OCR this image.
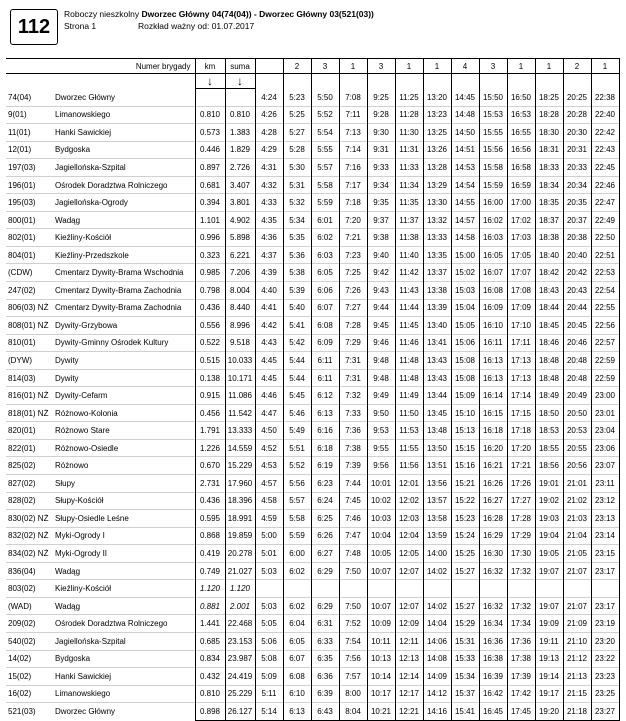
112
Roboczy nieszkolny Dworzec Główny 04(74(04)) - Dworzec Główny 03(521(03))
Strona 1	Rozkład ważny od: 01.07.2017
Numer brygady		km	suma		2	3	1	3	1	1	4	3	1	1	2	1
		↓	↓													
74(04)	Dworzec Główny			4:24	5:23	5:50	7:08	9:25	11:25	13:20	14:45	15:50	16:50	18:25	20:25	22:38
9(01)	Limanowskiego	0.810	0.810	4:26	5:25	5:52	7:11	9:28	11:28	13:23	14:48	15:53	16:53	18:28	20:28	22:40
11(01)	Hanki Sawickiej	0.573	1.383	4:28	5:27	5:54	7:13	9:30	11:30	13:25	14:50	15:55	16:55	18:30	20:30	22:42
12(01)	Bydgoska	0.446	1.829	4:29	5:28	5:55	7:14	9:31	11:31	13:26	14:51	15:56	16:56	18:31	20:31	22:43
197(03)	Jagiellońska-Szpital	0.897	2.726	4:31	5:30	5:57	7:16	9:33	11:33	13:28	14:53	15:58	16:58	18:33	20:33	22:45
196(01)	Ośrodek Doradztwa Rolniczego	0.681	3.407	4:32	5:31	5:58	7:17	9:34	11:34	13:29	14:54	15:59	16:59	18:34	20:34	22:46
195(03)	Jagiellońska-Ogrody	0.394	3.801	4:33	5:32	5:59	7:18	9:35	11:35	13:30	14:55	16:00	17:00	18:35	20:35	22:47
800(01)	Wadąg	1.101	4.902	4:35	5:34	6:01	7:20	9:37	11:37	13:32	14:57	16:02	17:02	18:37	20:37	22:49
802(01)	Kieźliny-Kościół	0.996	5.898	4:36	5:35	6:02	7:21	9:38	11:38	13:33	14:58	16:03	17:03	18:38	20:38	22:50
804(01)	Kieźliny-Przedszkole	0.323	6.221	4:37	5:36	6:03	7:23	9:40	11:40	13:35	15:00	16:05	17:05	18:40	20:40	22:51
(CDW)	Cmentarz Dywity-Brama Wschodnia	0.985	7.206	4:39	5:38	6:05	7:25	9:42	11:42	13:37	15:02	16:07	17:07	18:42	20:42	22:53
247(02)	Cmentarz Dywity-Brama Zachodnia	0.798	8.004	4:40	5:39	6:06	7:26	9:43	11:43	13:38	15:03	16:08	17:08	18:43	20:43	22:54
806(03) NŻ	Cmentarz Dywity-Brama Zachodnia	0.436	8.440	4:41	5:40	6:07	7:27	9:44	11:44	13:39	15:04	16:09	17:09	18:44	20:44	22:55
808(01) NŻ	Dywity-Grzybowa	0.556	8.996	4:42	5:41	6:08	7:28	9:45	11:45	13:40	15:05	16:10	17:10	18:45	20:45	22:56
810(01)	Dywity-Gminny Ośrodek Kultury	0.522	9.518	4:43	5:42	6:09	7:29	9:46	11:46	13:41	15:06	16:11	17:11	18:46	20:46	22:57
(DYW)	Dywity	0.515	10.033	4:45	5:44	6:11	7:31	9:48	11:48	13:43	15:08	16:13	17:13	18:48	20:48	22:59
814(03)	Dywity	0.138	10.171	4:45	5:44	6:11	7:31	9:48	11:48	13:43	15:08	16:13	17:13	18:48	20:48	22:59
816(01) NŻ	Dywity-Cefarm	0.915	11.086	4:46	5:45	6:12	7:32	9:49	11:49	13:44	15:09	16:14	17:14	18:49	20:49	23:00
818(01) NŻ	Różnowo-Kolonia	0.456	11.542	4:47	5:46	6:13	7:33	9:50	11:50	13:45	15:10	16:15	17:15	18:50	20:50	23:01
820(01)	Różnowo Stare	1.791	13.333	4:50	5:49	6:16	7:36	9:53	11:53	13:48	15:13	16:18	17:18	18:53	20:53	23:04
822(01)	Różnowo-Osiedle	1.226	14.559	4:52	5:51	6:18	7:38	9:55	11:55	13:50	15:15	16:20	17:20	18:55	20:55	23:06
825(02)	Różnowo	0.670	15.229	4:53	5:52	6:19	7:39	9:56	11:56	13:51	15:16	16:21	17:21	18:56	20:56	23:07
827(02)	Słupy	2.731	17.960	4:57	5:56	6:23	7:44	10:01	12:01	13:56	15:21	16:26	17:26	19:01	21:01	23:11
828(02)	Słupy-Kościół	0.436	18.396	4:58	5:57	6:24	7:45	10:02	12:02	13:57	15:22	16:27	17:27	19:02	21:02	23:12
830(02) NŻ	Słupy-Osiedle Leśne	0.595	18.991	4:59	5:58	6:25	7:46	10:03	12:03	13:58	15:23	16:28	17:28	19:03	21:03	23:13
832(02) NŻ	Myki-Ogrody I	0.868	19.859	5:00	5:59	6:26	7:47	10:04	12:04	13:59	15:24	16:29	17:29	19:04	21:04	23:14
834(02) NŻ	Myki-Ogrody II	0.419	20.278	5:01	6:00	6:27	7:48	10:05	12:05	14:00	15:25	16:30	17:30	19:05	21:05	23:15
836(04)	Wadąg	0.749	21.027	5:03	6:02	6:29	7:50	10:07	12:07	14:02	15:27	16:32	17:32	19:07	21:07	23:17
803(02)	Kieźliny-Kościół	1.120	1.120													
(WAD)	Wadąg	0.881	2.001	5:03	6:02	6:29	7:50	10:07	12:07	14:02	15:27	16:32	17:32	19:07	21:07	23:17
209(02)	Ośrodek Doradztwa Rolniczego	1.441	22.468	5:05	6:04	6:31	7:52	10:09	12:09	14:04	15:29	16:34	17:34	19:09	21:09	23:19
540(02)	Jagiellońska-Szpital	0.685	23.153	5:06	6:05	6:33	7:54	10:11	12:11	14:06	15:31	16:36	17:36	19:11	21:10	23:20
14(02)	Bydgoska	0.834	23.987	5:08	6:07	6:35	7:56	10:13	12:13	14:08	15:33	16:38	17:38	19:13	21:12	23:22
15(02)	Hanki Sawickiej	0.432	24.419	5:09	6:08	6:36	7:57	10:14	12:14	14:09	15:34	16:39	17:39	19:14	21:13	23:23
16(02)	Limanowskiego	0.810	25.229	5:11	6:10	6:39	8:00	10:17	12:17	14:12	15:37	16:42	17:42	19:17	21:15	23:25
521(03)	Dworzec Główny	0.898	26.127	5:14	6:13	6:43	8:04	10:21	12:21	14:16	15:41	16:45	17:45	19:20	21:18	23:27
